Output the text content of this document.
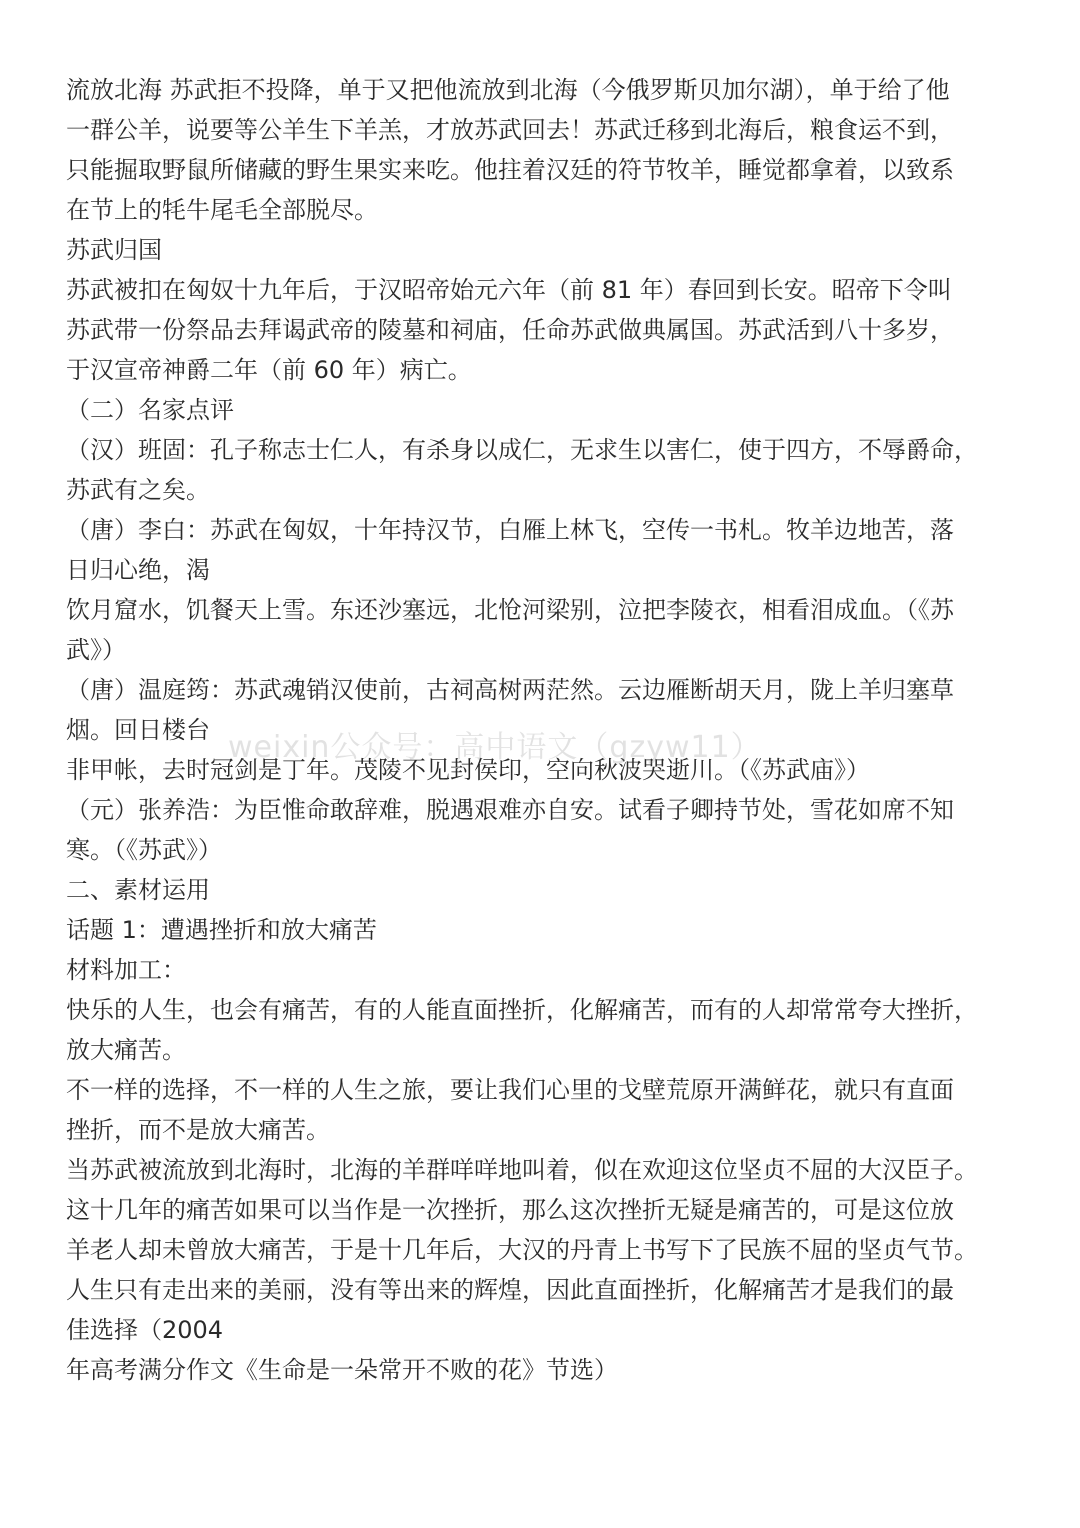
流放北海 苏武拒不投降，单于又把他流放到北海（今俄罗斯贝加尔湖），单于给了他
一群公羊，说要等公羊生下羊羔，才放苏武回去！苏武迁移到北海后，粮食运不到，
只能掘取野鼠所储藏的野生果实来吃。他拄着汉廷的符节牧羊，睡觉都拿着，以致系
在节上的牦牛尾毛全部脱尽。
苏武归国
苏武被扣在匈奴十九年后，于汉昭帝始元六年（前 81 年）春回到长安。昭帝下令叫
苏武带一份祭品去拜谒武帝的陵墓和祠庙，任命苏武做典属国。苏武活到八十多岁，
于汉宣帝神爵二年（前 60 年）病亡。
（二）名家点评
（汉）班固：孔子称志士仁人，有杀身以成仁，无求生以害仁，使于四方，不辱爵命，
苏武有之矣。
（唐）李白：苏武在匈奴，十年持汉节，白雁上林飞，空传一书札。牧羊边地苦，落
日归心绝，渴
饮月窟水，饥餐天上雪。东还沙塞远，北怆河梁别，泣把李陵衣，相看泪成血。（《苏
武》）
（唐）温庭筠：苏武魂销汉使前，古祠高树两茫然。云边雁断胡天月，陇上羊归塞草
烟。回日楼台
非甲帐，去时冠剑是丁年。茂陵不见封侯印，空向秋波哭逝川。（《苏武庙》）
（元）张养浩：为臣惟命敢辞难，脱遇艰难亦自安。试看子卿持节处，雪花如席不知
寒。（《苏武》）
二、素材运用
话题 1：遭遇挫折和放大痛苦
材料加工：
快乐的人生，也会有痛苦，有的人能直面挫折，化解痛苦，而有的人却常常夸大挫折，
放大痛苦。
不一样的选择，不一样的人生之旅，要让我们心里的戈壁荒原开满鲜花，就只有直面
挫折，而不是放大痛苦。
当苏武被流放到北海时，北海的羊群咩咩地叫着，似在欢迎这位坚贞不屈的大汉臣子。
这十几年的痛苦如果可以当作是一次挫折，那么这次挫折无疑是痛苦的，可是这位放
羊老人却未曾放大痛苦，于是十几年后，大汉的丹青上书写下了民族不屈的坚贞气节。
人生只有走出来的美丽，没有等出来的辉煌，因此直面挫折，化解痛苦才是我们的最
佳选择（2004
年高考满分作文《生命是一朵常开不败的花》节选）
weixin公众号：高中语文（gzyw11）
